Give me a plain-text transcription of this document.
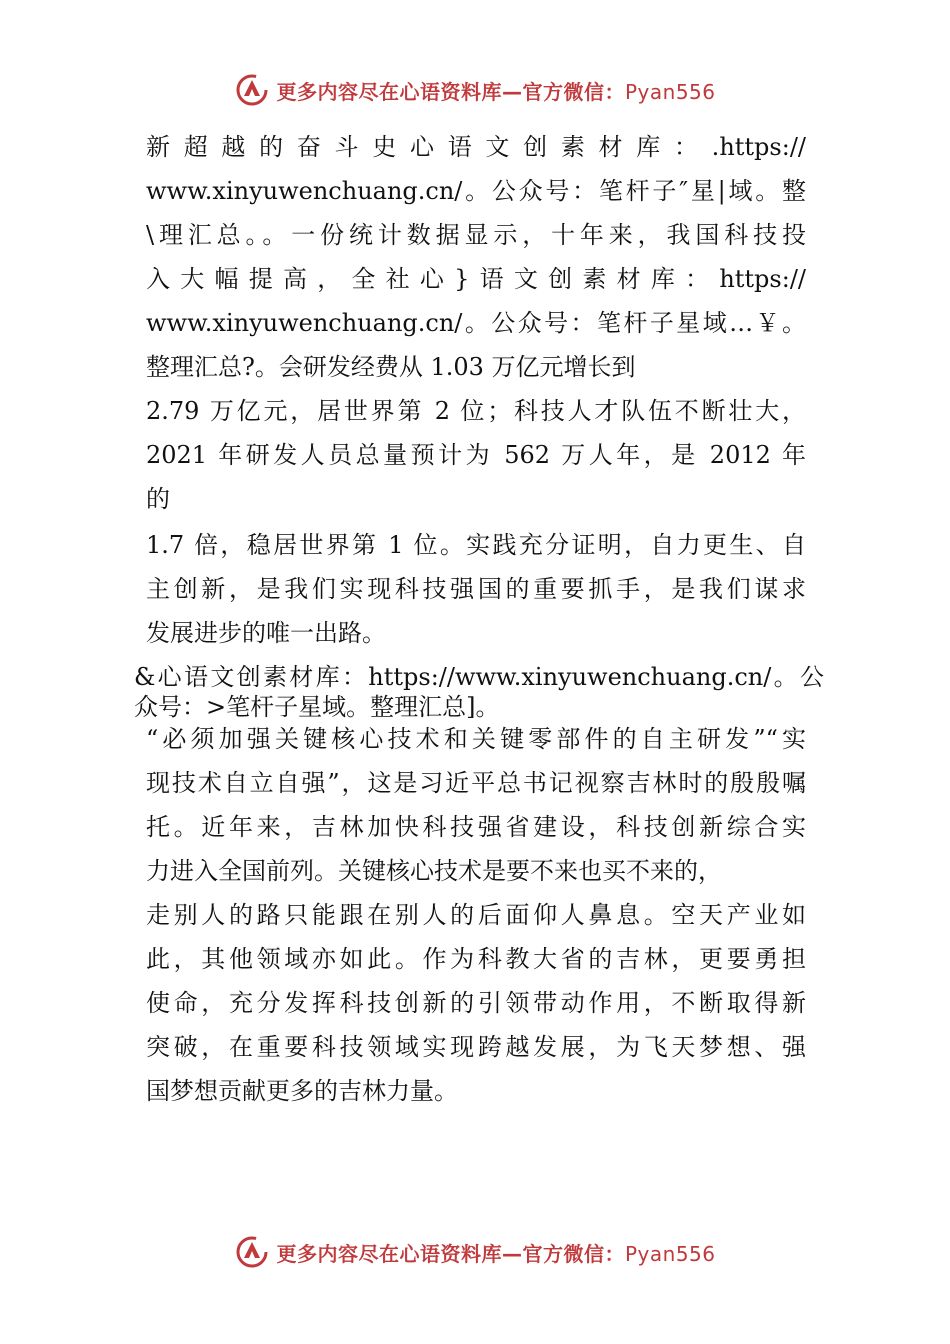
更多内容尽在心语资料库—官方微信：Pyan556
新超越的奋斗史心语文创素材库：.https://
www.xinyuwenchuang.cn/。公众号：笔杆子″星|域。整
\理汇总。。一份统计数据显示，十年来，我国科技投
入大幅提高，全社心}语文创素材库：https://
www.xinyuwenchuang.cn/。公众号：笔杆子星域…￥。
整理汇总?。会研发经费从 1.03 万亿元增长到
2.79 万亿元，居世界第 2 位；科技人才队伍不断壮大，
2021 年研发人员总量预计为 562 万人年，是 2012 年
的
1.7 倍，稳居世界第 1 位。实践充分证明，自力更生、自
主创新，是我们实现科技强国的重要抓手，是我们谋求
发展进步的唯一出路。
&心语文创素材库：https://www.xinyuwenchuang.cn/。公
众号：>笔杆子星域。整理汇总]。
“必须加强关键核心技术和关键零部件的自主研发”“实
现技术自立自强”，这是习近平总书记视察吉林时的殷殷嘱
托。近年来，吉林加快科技强省建设，科技创新综合实
力进入全国前列。关键核心技术是要不来也买不来的，
走别人的路只能跟在别人的后面仰人鼻息。空天产业如
此，其他领域亦如此。作为科教大省的吉林，更要勇担
使命，充分发挥科技创新的引领带动作用，不断取得新
突破，在重要科技领域实现跨越发展，为飞天梦想、强
国梦想贡献更多的吉林力量。
更多内容尽在心语资料库—官方微信：Pyan556
